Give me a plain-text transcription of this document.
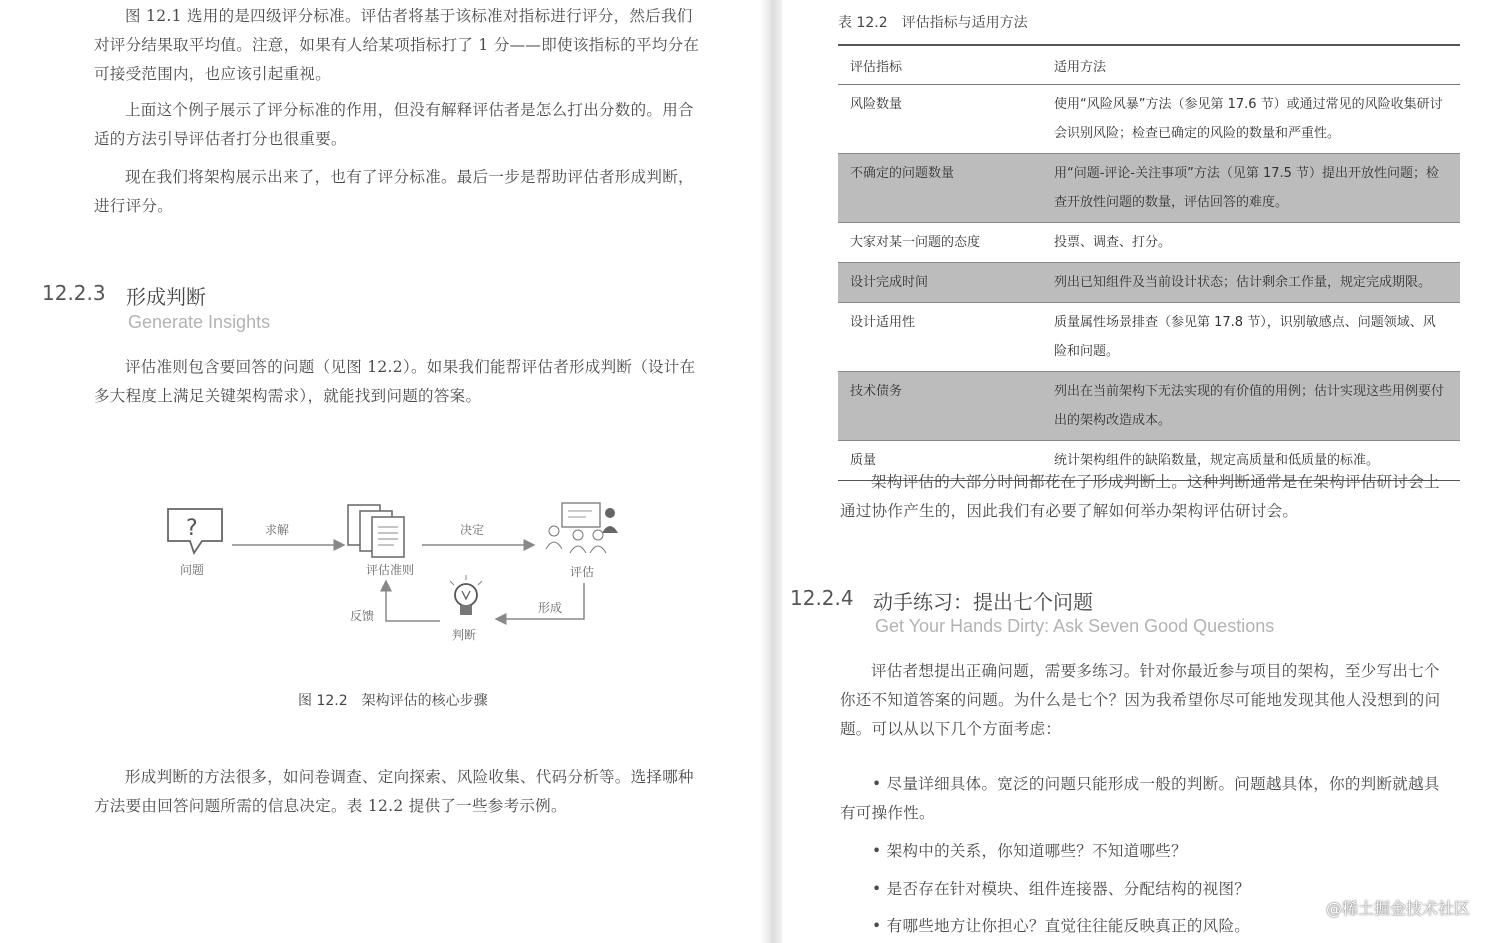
图 12.1 选用的是四级评分标准。评估者将基于该标准对指标进行评分，然后我们对评分结果取平均值。注意，如果有人给某项指标打了 1 分——即使该指标的平均分在可接受范围内，也应该引起重视。

上面这个例子展示了评分标准的作用，但没有解释评估者是怎么打出分数的。用合适的方法引导评估者打分也很重要。

现在我们将架构展示出来了，也有了评分标准。最后一步是帮助评估者形成判断，进行评分。

12.2.3 形成判断
Generate Insights

评估准则包含要回答的问题（见图 12.2）。如果我们能帮评估者形成判断（设计在多大程度上满足关键架构需求），就能找到问题的答案。

?
问题	评估准则	评估
判断
求解	决定
形成
反馈
图 12.2　架构评估的核心步骤

形成判断的方法很多，如问卷调查、定向探索、风险收集、代码分析等。选择哪种方法要由回答问题所需的信息决定。表 12.2 提供了一些参考示例。

表 12.2　评估指标与适用方法
评估指标	适用方法
风险数量	使用“风险风暴”方法（参见第 17.6 节）或通过常见的风险收集研讨会识别风险；检查已确定的风险的数量和严重性。
不确定的问题数量	用“问题-评论-关注事项”方法（见第 17.5 节）提出开放性问题；检查开放性问题的数量，评估回答的难度。
大家对某一问题的态度	投票、调查、打分。
设计完成时间	列出已知组件及当前设计状态；估计剩余工作量，规定完成期限。
设计适用性	质量属性场景排查（参见第 17.8 节），识别敏感点、问题领域、风险和问题。
技术债务	列出在当前架构下无法实现的有价值的用例；估计实现这些用例要付出的架构改造成本。
质量	统计架构组件的缺陷数量，规定高质量和低质量的标准。

架构评估的大部分时间都花在了形成判断上。这种判断通常是在架构评估研讨会上通过协作产生的，因此我们有必要了解如何举办架构评估研讨会。

12.2.4 动手练习：提出七个问题
Get Your Hands Dirty: Ask Seven Good Questions

评估者想提出正确问题，需要多练习。针对你最近参与项目的架构，至少写出七个你还不知道答案的问题。为什么是七个？因为我希望你尽可能地发现其他人没想到的问题。可以从以下几个方面考虑：

• 尽量详细具体。宽泛的问题只能形成一般的判断。问题越具体，你的判断就越具有可操作性。

• 架构中的关系，你知道哪些？不知道哪些？

• 是否存在针对模块、组件连接器、分配结构的视图？

• 有哪些地方让你担心？直觉往往能反映真正的风险。

@稀土掘金技术社区
